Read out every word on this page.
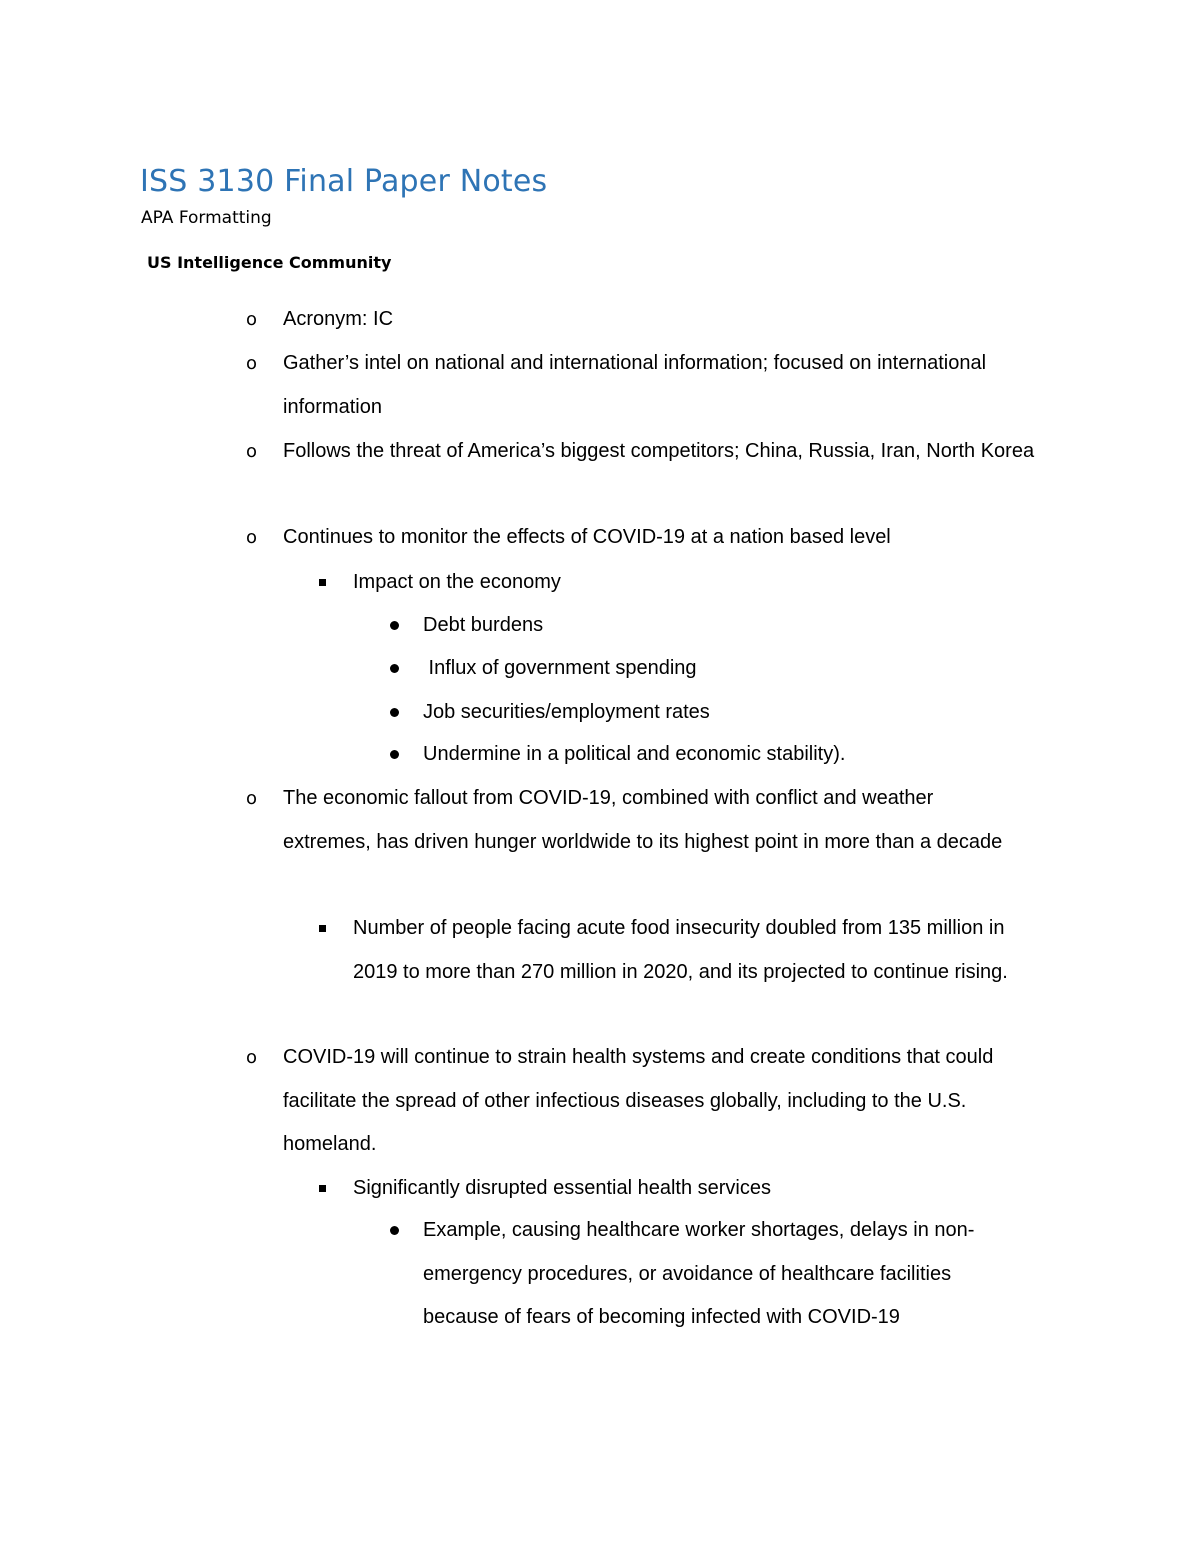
ISS 3130 Final Paper Notes
APA Formatting
US Intelligence Community
o Acronym: IC
o Gather’s intel on national and international information; focused on international information
o Follows the threat of America’s biggest competitors; China, Russia, Iran, North Korea
o Continues to monitor the effects of COVID-19 at a nation based level
Impact on the economy
Debt burdens
Influx of government spending
Job securities/employment rates
Undermine in a political and economic stability).
o The economic fallout from COVID-19, combined with conflict and weather extremes, has driven hunger worldwide to its highest point in more than a decade
Number of people facing acute food insecurity doubled from 135 million in 2019 to more than 270 million in 2020, and its projected to continue rising.
o COVID-19 will continue to strain health systems and create conditions that could facilitate the spread of other infectious diseases globally, including to the U.S. homeland.
Significantly disrupted essential health services
Example, causing healthcare worker shortages, delays in non-emergency procedures, or avoidance of healthcare facilities because of fears of becoming infected with COVID-19
